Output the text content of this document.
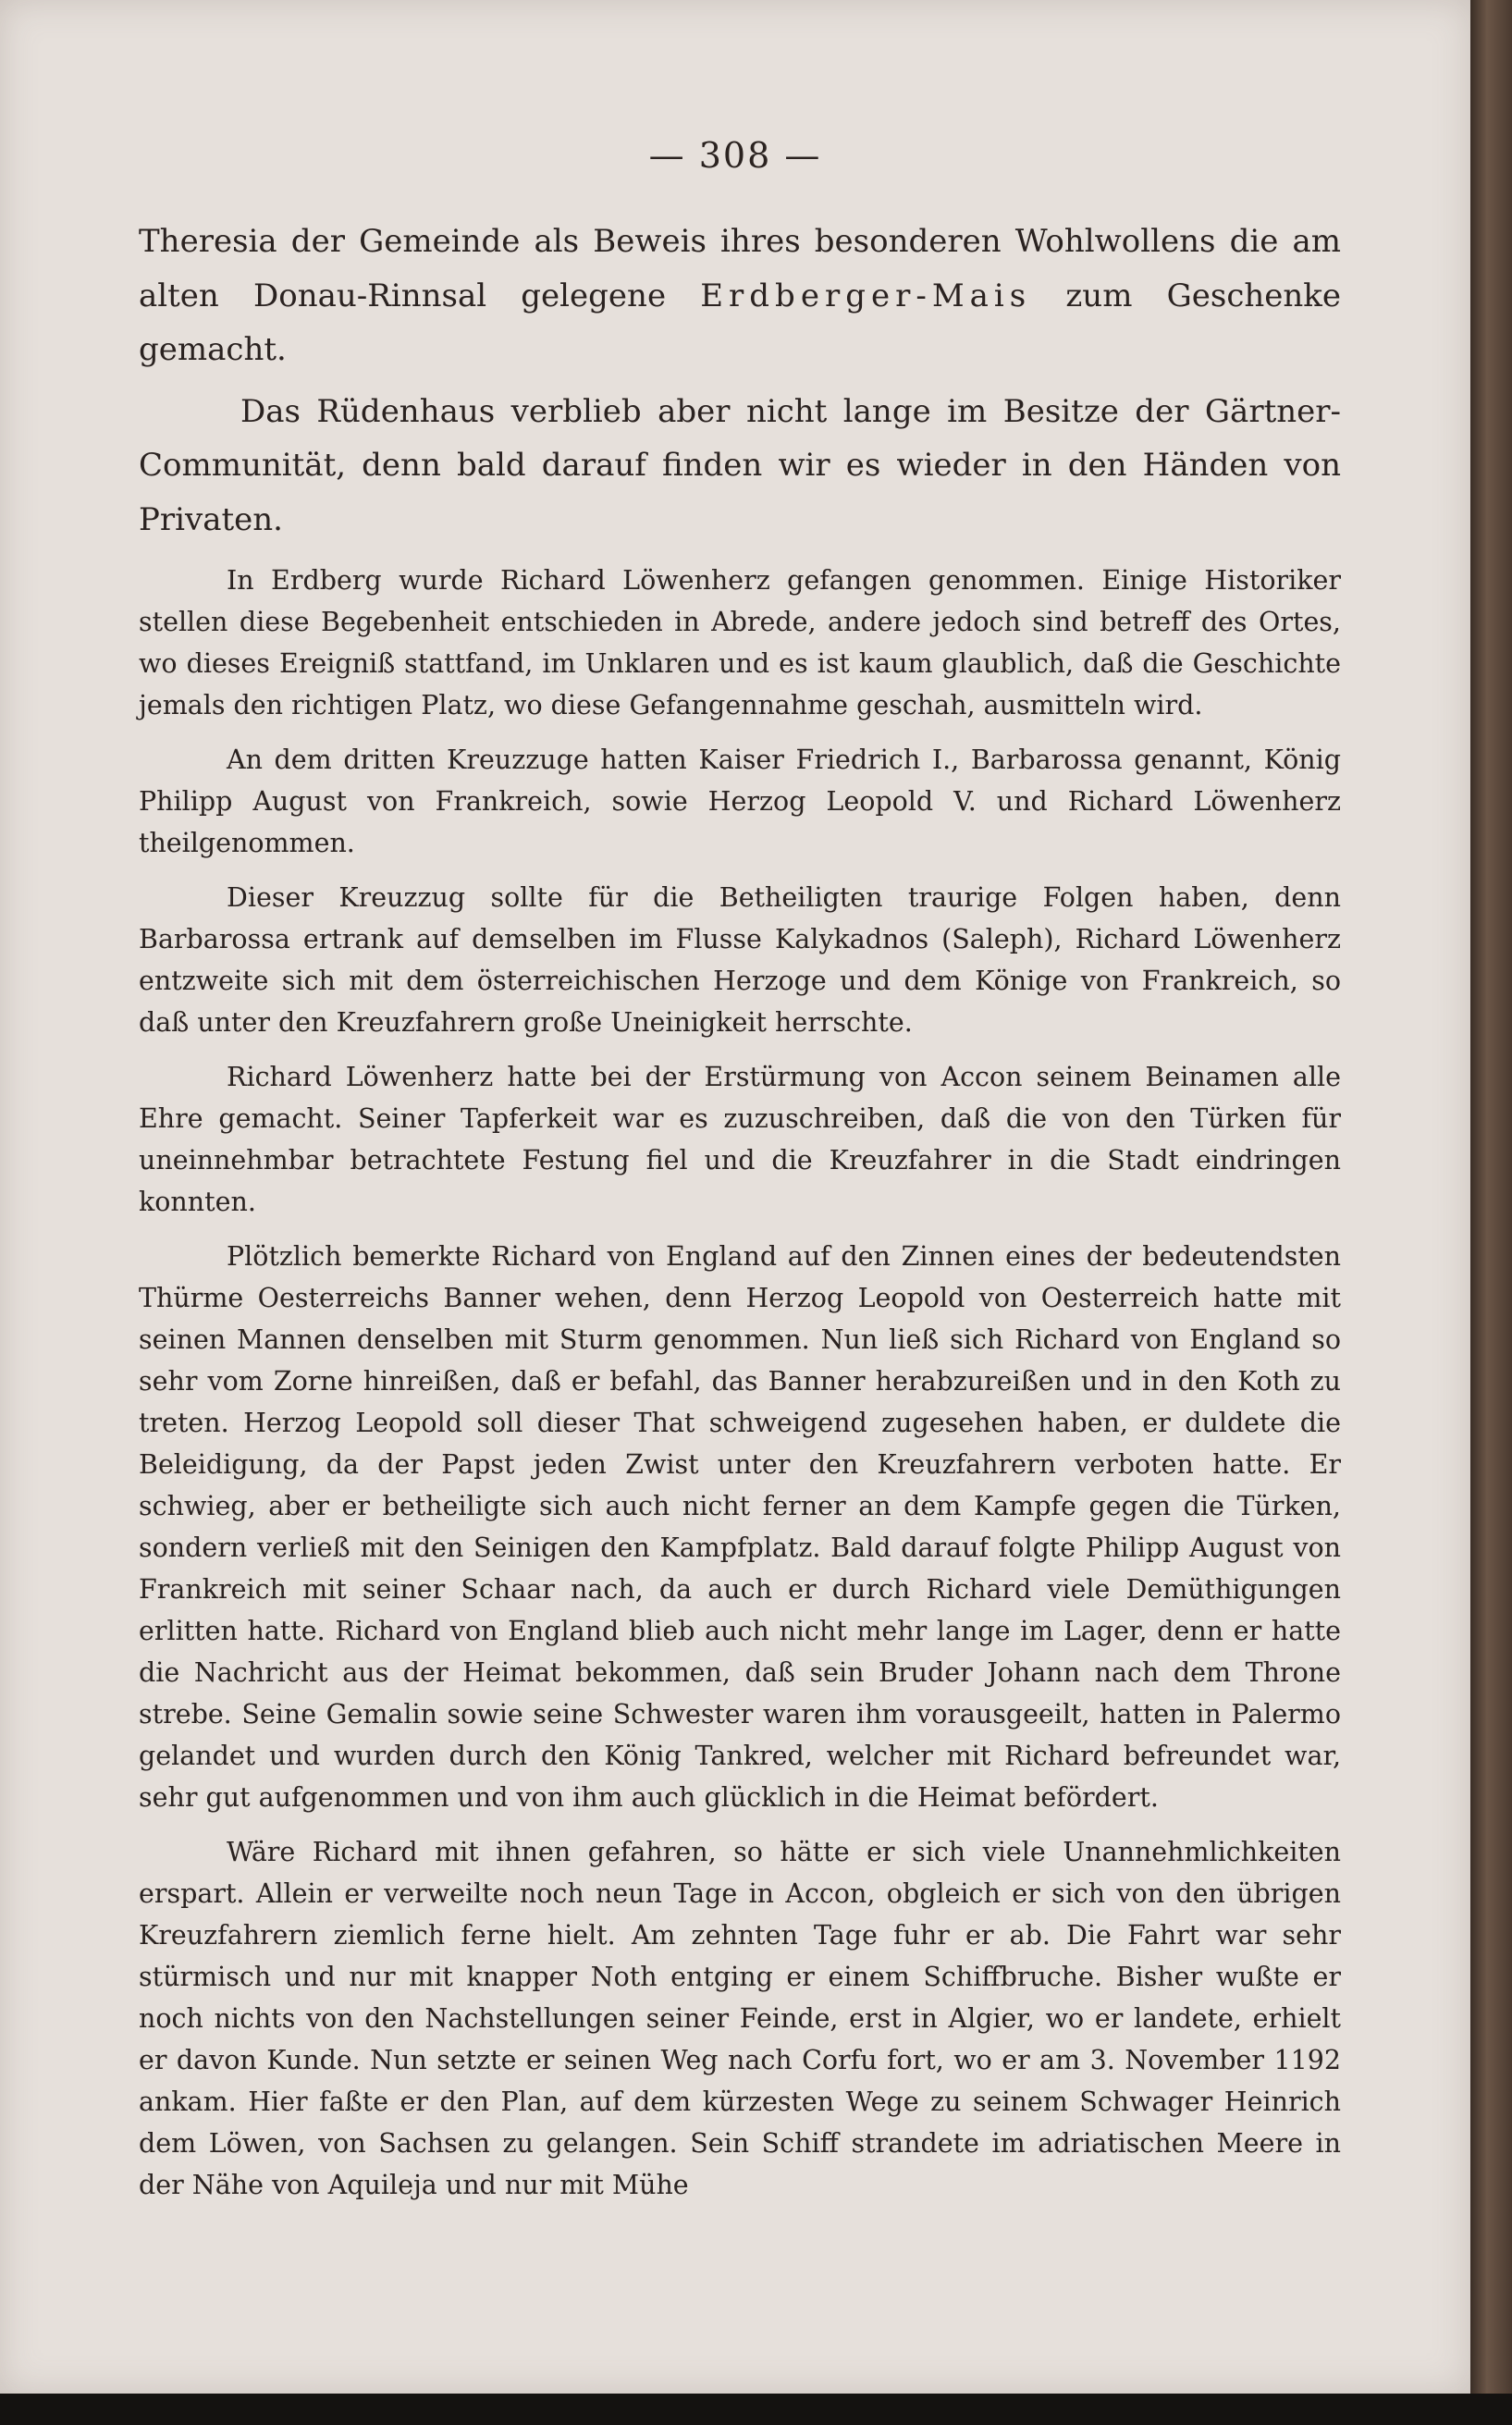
— 308 —

Theresia der Gemeinde als Beweis ihres besonderen Wohlwollens die am alten Donau-Rinnsal gelegene Erdberger-Mais zum Geschenke gemacht.

Das Rüdenhaus verblieb aber nicht lange im Besitze der Gärtner-Communität, denn bald darauf finden wir es wieder in den Händen von Privaten.

In Erdberg wurde Richard Löwenherz gefangen genommen. Einige Historiker stellen diese Begebenheit entschieden in Abrede, andere jedoch sind betreff des Ortes, wo dieses Ereigniß stattfand, im Unklaren und es ist kaum glaublich, daß die Geschichte jemals den richtigen Platz, wo diese Gefangennahme geschah, ausmitteln wird.

An dem dritten Kreuzzuge hatten Kaiser Friedrich I., Barbarossa genannt, König Philipp August von Frankreich, sowie Herzog Leopold V. und Richard Löwenherz theilgenommen.

Dieser Kreuzzug sollte für die Betheiligten traurige Folgen haben, denn Barbarossa ertrank auf demselben im Flusse Kalykadnos (Saleph), Richard Löwenherz entzweite sich mit dem österreichischen Herzoge und dem Könige von Frankreich, so daß unter den Kreuzfahrern große Uneinigkeit herrschte.

Richard Löwenherz hatte bei der Erstürmung von Accon seinem Beinamen alle Ehre gemacht. Seiner Tapferkeit war es zuzuschreiben, daß die von den Türken für uneinnehmbar betrachtete Festung fiel und die Kreuzfahrer in die Stadt eindringen konnten.

Plötzlich bemerkte Richard von England auf den Zinnen eines der bedeutendsten Thürme Oesterreichs Banner wehen, denn Herzog Leopold von Oesterreich hatte mit seinen Mannen denselben mit Sturm genommen. Nun ließ sich Richard von England so sehr vom Zorne hinreißen, daß er befahl, das Banner herabzureißen und in den Koth zu treten. Herzog Leopold soll dieser That schweigend zugesehen haben, er duldete die Beleidigung, da der Papst jeden Zwist unter den Kreuzfahrern verboten hatte. Er schwieg, aber er betheiligte sich auch nicht ferner an dem Kampfe gegen die Türken, sondern verließ mit den Seinigen den Kampfplatz. Bald darauf folgte Philipp August von Frankreich mit seiner Schaar nach, da auch er durch Richard viele Demüthigungen erlitten hatte. Richard von England blieb auch nicht mehr lange im Lager, denn er hatte die Nachricht aus der Heimat bekommen, daß sein Bruder Johann nach dem Throne strebe. Seine Gemalin sowie seine Schwester waren ihm vorausgeeilt, hatten in Palermo gelandet und wurden durch den König Tankred, welcher mit Richard befreundet war, sehr gut aufgenommen und von ihm auch glücklich in die Heimat befördert.

Wäre Richard mit ihnen gefahren, so hätte er sich viele Unannehmlichkeiten erspart. Allein er verweilte noch neun Tage in Accon, obgleich er sich von den übrigen Kreuzfahrern ziemlich ferne hielt. Am zehnten Tage fuhr er ab. Die Fahrt war sehr stürmisch und nur mit knapper Noth entging er einem Schiffbruche. Bisher wußte er noch nichts von den Nachstellungen seiner Feinde, erst in Algier, wo er landete, erhielt er davon Kunde. Nun setzte er seinen Weg nach Corfu fort, wo er am 3. November 1192 ankam. Hier faßte er den Plan, auf dem kürzesten Wege zu seinem Schwager Heinrich dem Löwen, von Sachsen zu gelangen. Sein Schiff strandete im adriatischen Meere in der Nähe von Aquileja und nur mit Mühe
